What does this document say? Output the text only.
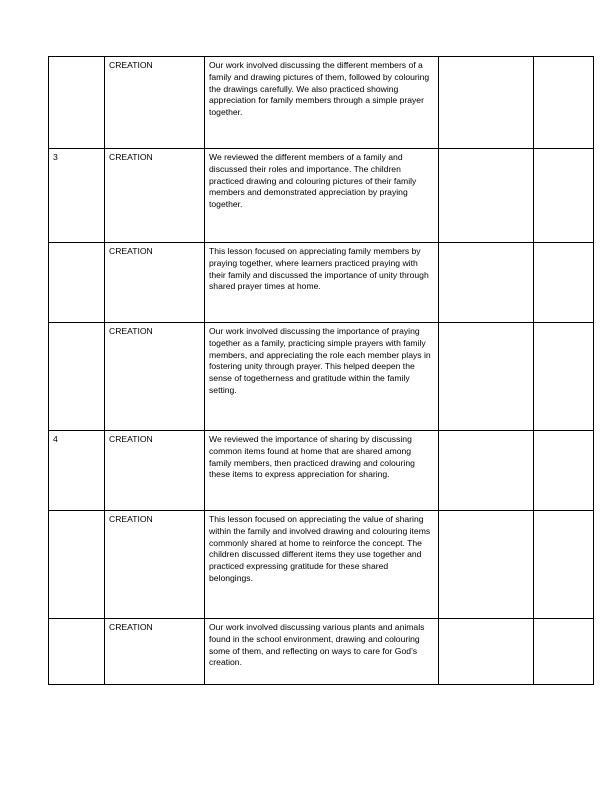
	CREATION	Our work involved discussing the different members of a family and drawing pictures of them, followed by colouring the drawings carefully. We also practiced showing appreciation for family members through a simple prayer together.		
3	CREATION	We reviewed the different members of a family and discussed their roles and importance. The children practiced drawing and colouring pictures of their family members and demonstrated appreciation by praying together.		
	CREATION	This lesson focused on appreciating family members by praying together, where learners practiced praying with their family and discussed the importance of unity through shared prayer times at home.		
	CREATION	Our work involved discussing the importance of praying together as a family, practicing simple prayers with family members, and appreciating the role each member plays in fostering unity through prayer. This helped deepen the sense of togetherness and gratitude within the family setting.		
4	CREATION	We reviewed the importance of sharing by discussing common items found at home that are shared among family members, then practiced drawing and colouring these items to express appreciation for sharing.		
	CREATION	This lesson focused on appreciating the value of sharing within the family and involved drawing and colouring items commonly shared at home to reinforce the concept. The children discussed different items they use together and practiced expressing gratitude for these shared belongings.		
	CREATION	Our work involved discussing various plants and animals found in the school environment, drawing and colouring some of them, and reflecting on ways to care for God’s creation.		
